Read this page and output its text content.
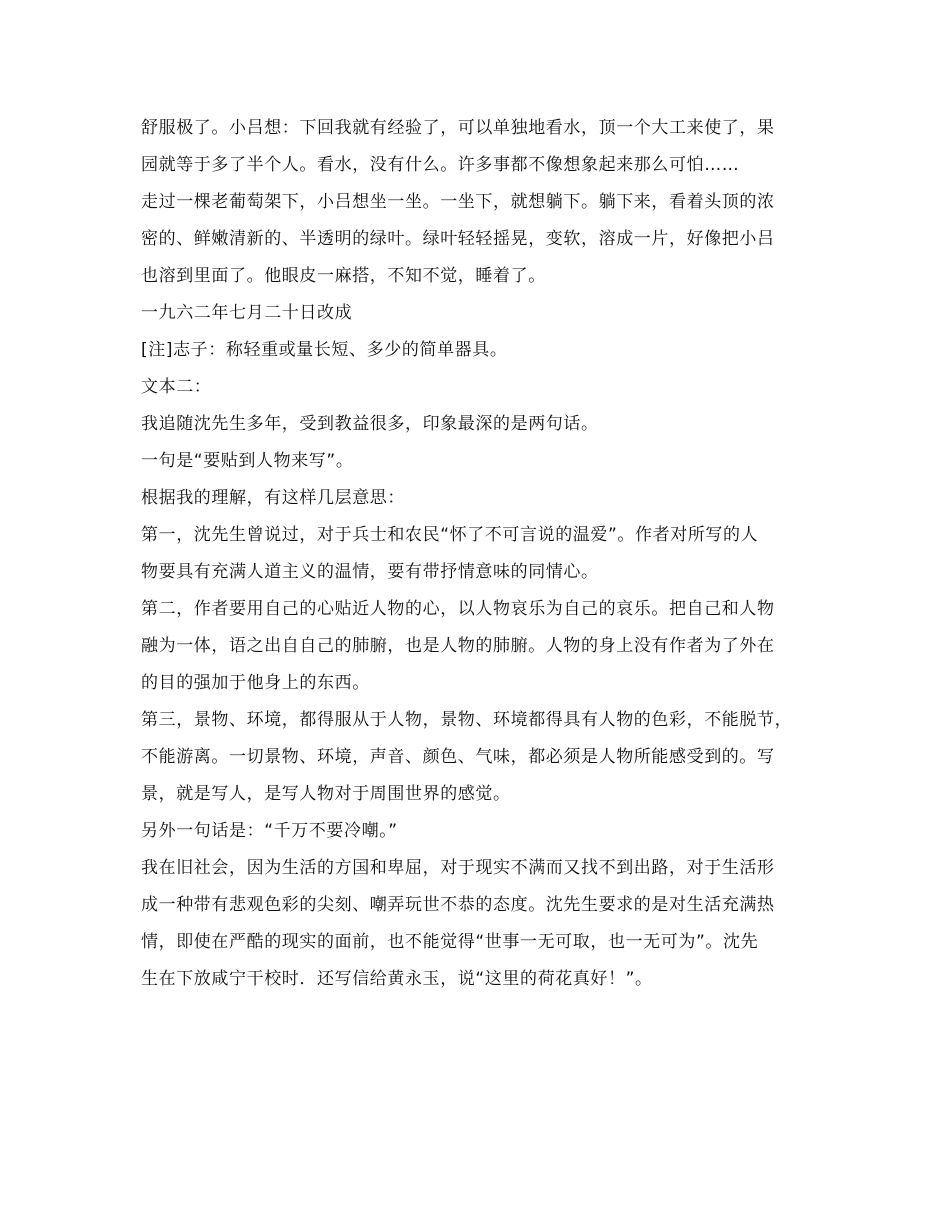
舒服极了。小吕想：下回我就有经验了，可以单独地看水，顶一个大工来使了，果
园就等于多了半个人。看水，没有什么。许多事都不像想象起来那么可怕……
走过一棵老葡萄架下，小吕想坐一坐。一坐下，就想躺下。躺下来，看着头顶的浓
密的、鲜嫩清新的、半透明的绿叶。绿叶轻轻摇晃，变软，溶成一片，好像把小吕
也溶到里面了。他眼皮一麻搭，不知不觉，睡着了。
一九六二年七月二十日改成
[注]志子：称轻重或量长短、多少的简单器具。
文本二：
我追随沈先生多年，受到教益很多，印象最深的是两句话。
一句是“要贴到人物来写”。
根据我的理解，有这样几层意思：
第一，沈先生曾说过，对于兵士和农民“怀了不可言说的温爱”。作者对所写的人
物要具有充满人道主义的温情，要有带抒情意味的同情心。
第二，作者要用自己的心贴近人物的心，以人物哀乐为自己的哀乐。把自己和人物
融为一体，语之出自自己的肺腑，也是人物的肺腑。人物的身上没有作者为了外在
的目的强加于他身上的东西。
第三，景物、环境，都得服从于人物，景物、环境都得具有人物的色彩，不能脱节，
不能游离。一切景物、环境，声音、颜色、气味，都必须是人物所能感受到的。写
景，就是写人，是写人物对于周围世界的感觉。
另外一句话是：“千万不要冷嘲。”
我在旧社会，因为生活的方国和卑屈，对于现实不满而又找不到出路，对于生活形
成一种带有悲观色彩的尖刻、嘲弄玩世不恭的态度。沈先生要求的是对生活充满热
情，即使在严酷的现实的面前，也不能觉得“世事一无可取，也一无可为”。沈先
生在下放咸宁干校时．还写信给黄永玉，说“这里的荷花真好！”。
